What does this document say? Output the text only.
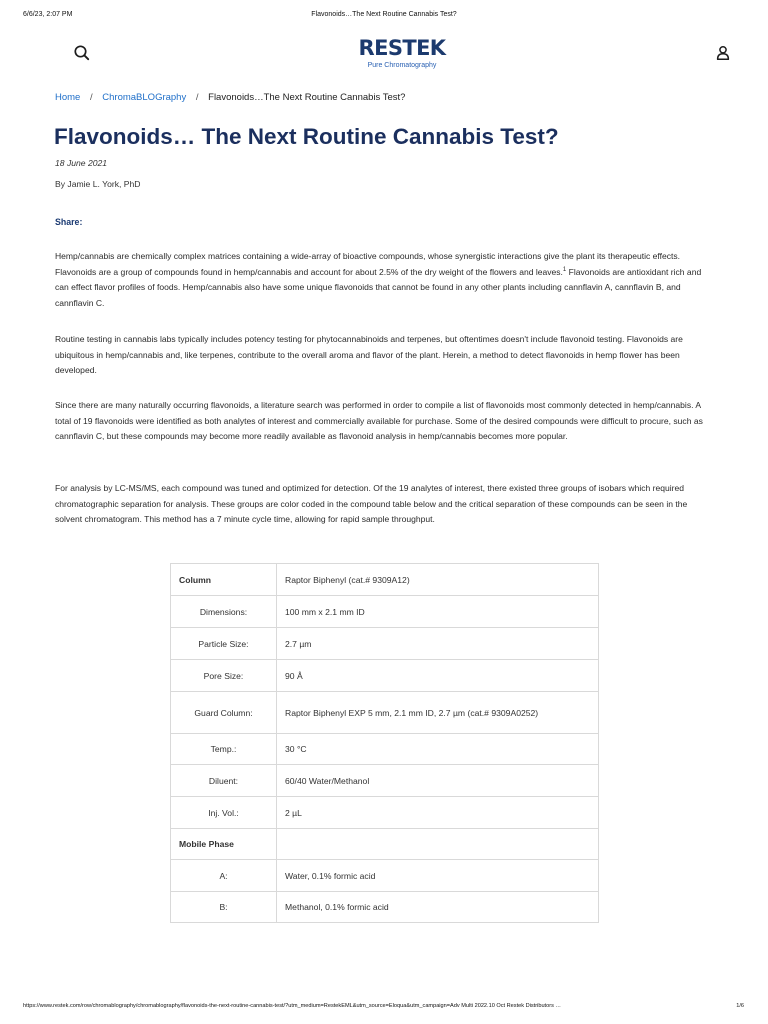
6/6/23, 2:07 PM	Flavonoids…The Next Routine Cannabis Test?
RESTEK
Pure Chromatography
Home / ChromaBLOGraphy / Flavonoids…The Next Routine Cannabis Test?
Flavonoids… The Next Routine Cannabis Test?
18 June 2021
By Jamie L. York, PhD
Share:

Hemp/cannabis are chemically complex matrices containing a wide-array of bioactive compounds, whose synergistic interactions give the plant its therapeutic effects. Flavonoids are a group of compounds found in hemp/cannabis and account for about 2.5% of the dry weight of the flowers and leaves.$^1$ Flavonoids are antioxidant rich and can effect flavor profiles of foods. Hemp/cannabis also have some unique flavonoids that cannot be found in any other plants including cannflavin A, cannflavin B, and cannflavin C.

Routine testing in cannabis labs typically includes potency testing for phytocannabinoids and terpenes, but oftentimes doesn't include flavonoid testing. Flavonoids are ubiquitous in hemp/cannabis and, like terpenes, contribute to the overall aroma and flavor of the plant. Herein, a method to detect flavonoids in hemp flower has been developed.

Since there are many naturally occurring flavonoids, a literature search was performed in order to compile a list of flavonoids most commonly detected in hemp/cannabis. A total of 19 flavonoids were identified as both analytes of interest and commercially available for purchase. Some of the desired compounds were difficult to procure, such as cannflavin C, but these compounds may become more readily available as flavonoid analysis in hemp/cannabis becomes more popular.

For analysis by LC-MS/MS, each compound was tuned and optimized for detection. Of the 19 analytes of interest, there existed three groups of isobars which required chromatographic separation for analysis. These groups are color coded in the compound table below and the critical separation of these compounds can be seen in the solvent chromatogram. This method has a 7 minute cycle time, allowing for rapid sample throughput.

Column	Raptor Biphenyl (cat.# 9309A12)
Dimensions:	100 mm x 2.1 mm ID
Particle Size:	2.7 µm
Pore Size:	90 Å
Guard Column:	Raptor Biphenyl EXP 5 mm, 2.1 mm ID, 2.7 µm (cat.# 9309A0252)
Temp.:	30 °C
Diluent:	60/40 Water/Methanol
Inj. Vol.:	2 µL
Mobile Phase	
A:	Water, 0.1% formic acid
B:	Methanol, 0.1% formic acid
https://www.restek.com/row/chromablography/chromablography/flavonoids-the-next-routine-cannabis-test/?utm_medium=RestekEML&utm_source=Eloqua&utm_campaign=Adv Multi 2022.10 Oct Restek Distributors …	1/6
